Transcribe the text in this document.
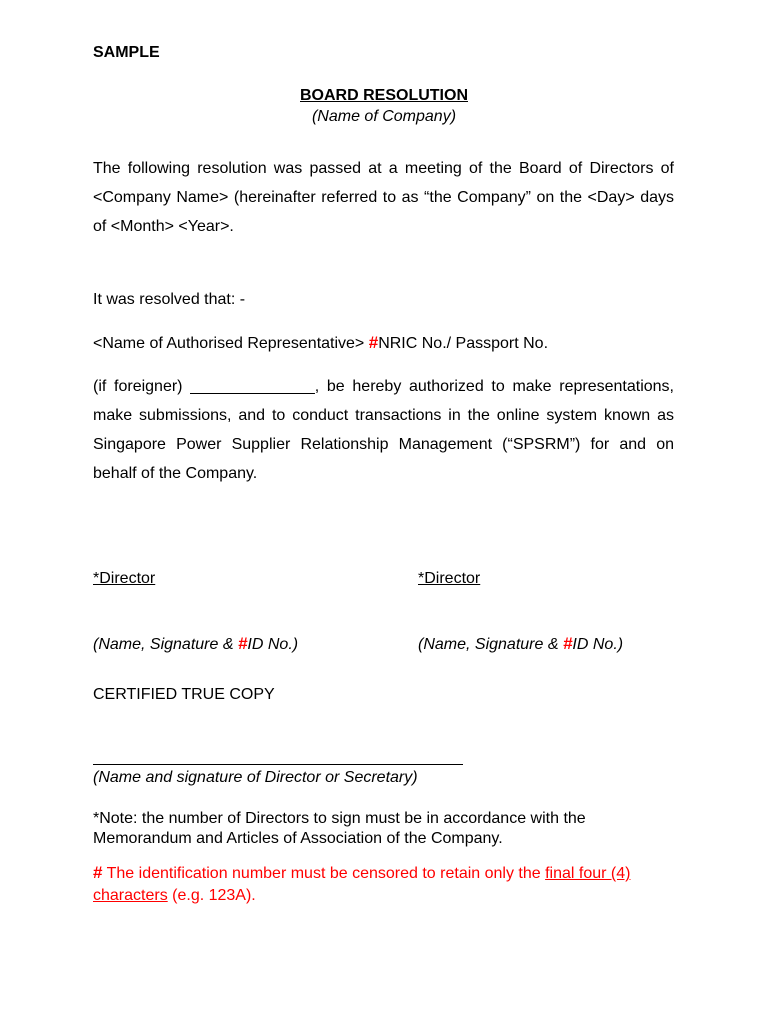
SAMPLE
BOARD RESOLUTION
(Name of Company)
The following resolution was passed at a meeting of the Board of Directors of <Company Name> (hereinafter referred to as “the Company” on the <Day> days of <Month> <Year>.
It was resolved that: -
<Name of Authorised Representative> #NRIC No./ Passport No.
(if foreigner) ______________, be hereby authorized to make representations, make submissions, and to conduct transactions in the online system known as Singapore Power Supplier Relationship Management (“SPSRM”) for and on behalf of the Company.
*Director	*Director
(Name, Signature & #ID No.)	(Name, Signature & #ID No.)
CERTIFIED TRUE COPY
(Name and signature of Director or Secretary)
*Note: the number of Directors to sign must be in accordance with the Memorandum and Articles of Association of the Company.
# The identification number must be censored to retain only the final four (4) characters (e.g. 123A).
